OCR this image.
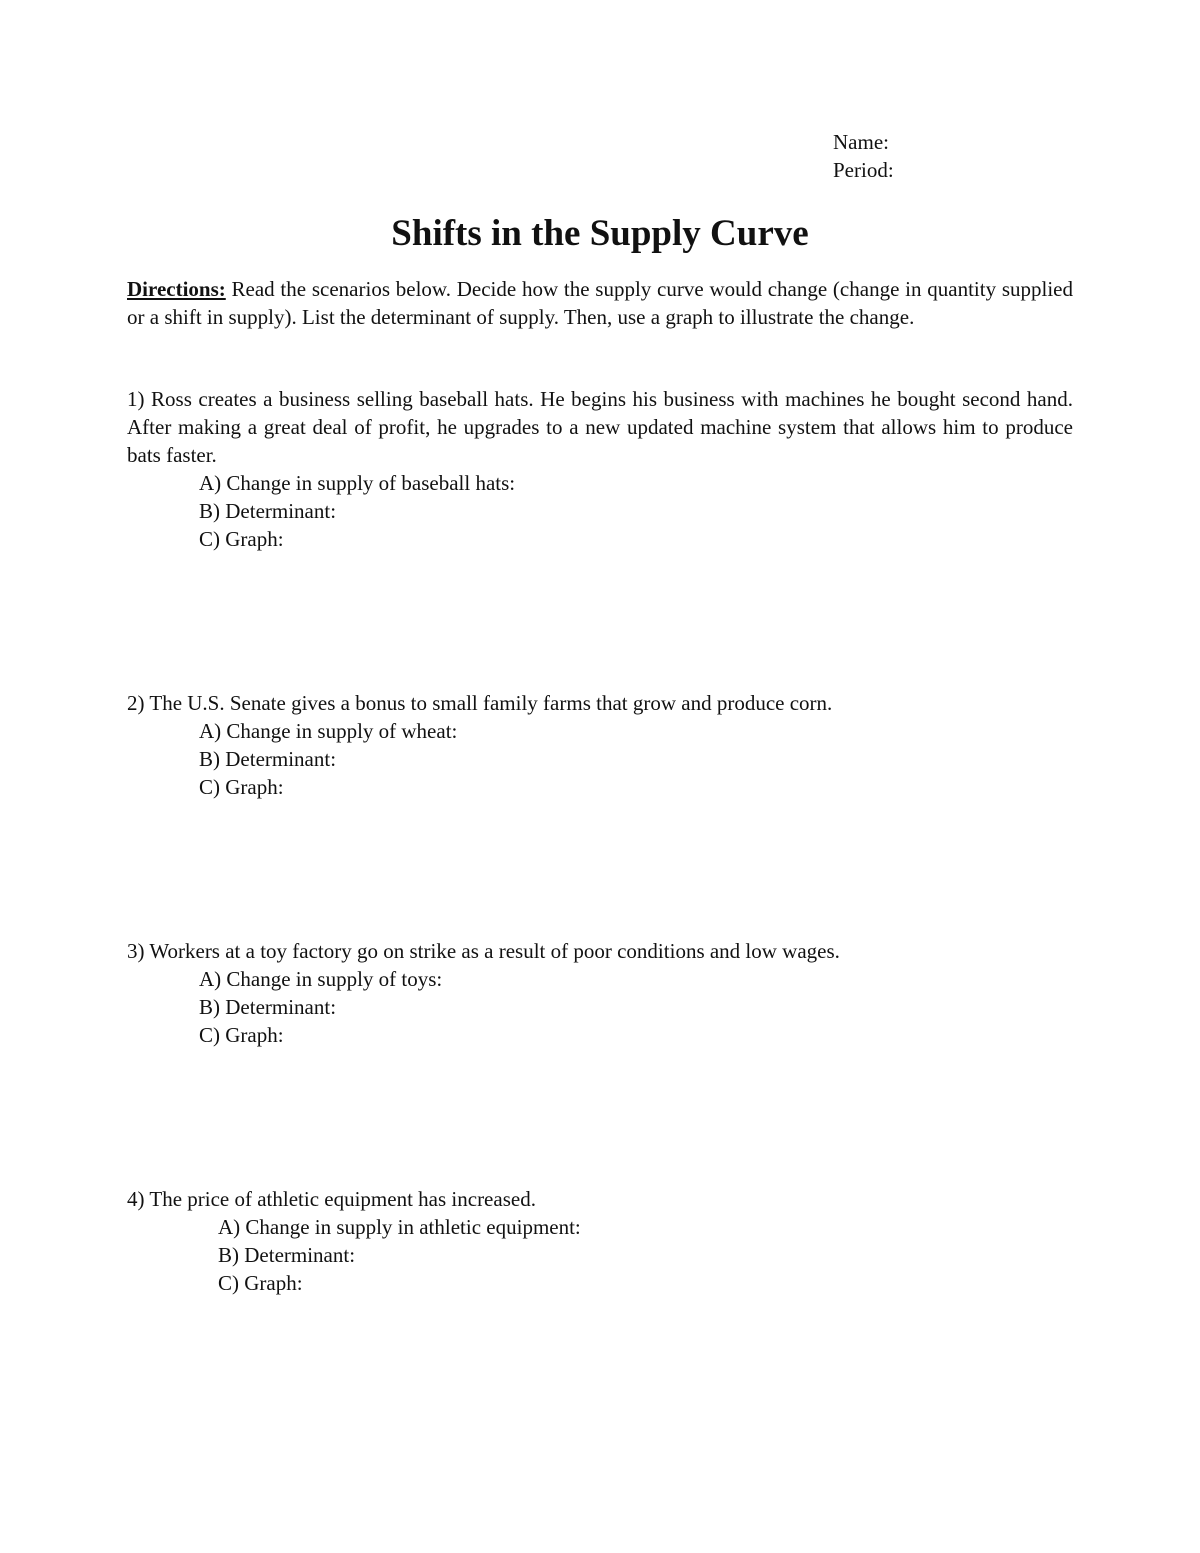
Name:
Period:
Shifts in the Supply Curve
Directions: Read the scenarios below. Decide how the supply curve would change (change in quantity supplied or a shift in supply). List the determinant of supply. Then, use a graph to illustrate the change.

1) Ross creates a business selling baseball hats. He begins his business with machines he bought second hand. After making a great deal of profit, he upgrades to a new updated machine system that allows him to produce bats faster.

A) Change in supply of baseball hats:

B) Determinant:

C) Graph:

2) The U.S. Senate gives a bonus to small family farms that grow and produce corn.

A) Change in supply of wheat:

B) Determinant:

C) Graph:

3) Workers at a toy factory go on strike as a result of poor conditions and low wages.

A) Change in supply of toys:

B) Determinant:

C) Graph:

4) The price of athletic equipment has increased.

A) Change in supply in athletic equipment:

B) Determinant:

C) Graph:
